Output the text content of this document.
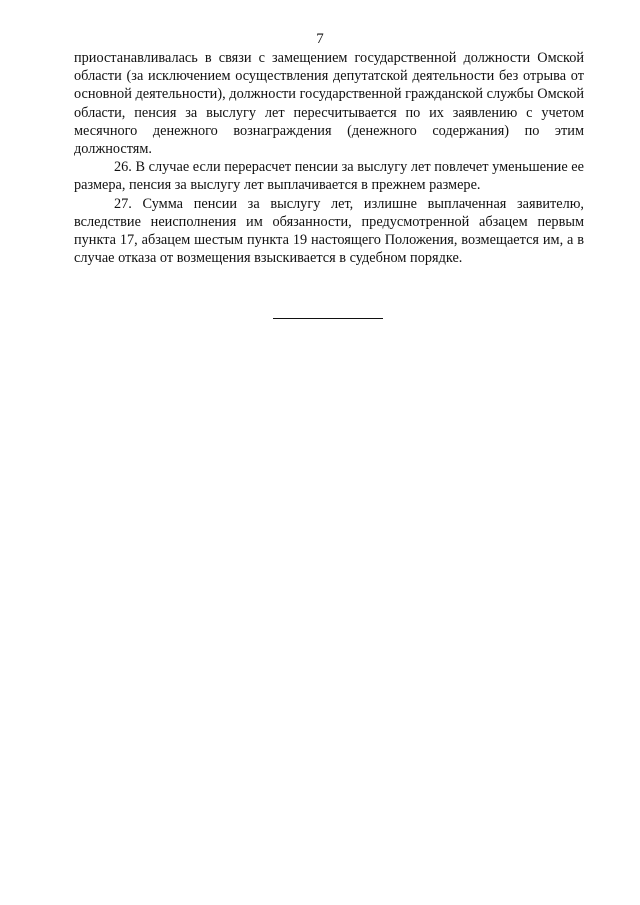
7

приостанавливалась в связи с замещением государственной должности Омской области (за исключением осуществления депутатской деятельности без отрыва от основной деятельности), должности государственной гражданской службы Омской области, пенсия за выслугу лет пересчитывается по их заявлению с учетом месячного денежного вознаграждения (денежного содержания) по этим должностям.

26. В случае если перерасчет пенсии за выслугу лет повлечет уменьшение ее размера, пенсия за выслугу лет выплачивается в прежнем размере.

27. Сумма пенсии за выслугу лет, излишне выплаченная заявителю, вследствие неисполнения им обязанности, предусмотренной абзацем первым пункта 17, абзацем шестым пункта 19 настоящего Положения, возмещается им, а в случае отказа от возмещения взыскивается в судебном порядке.
